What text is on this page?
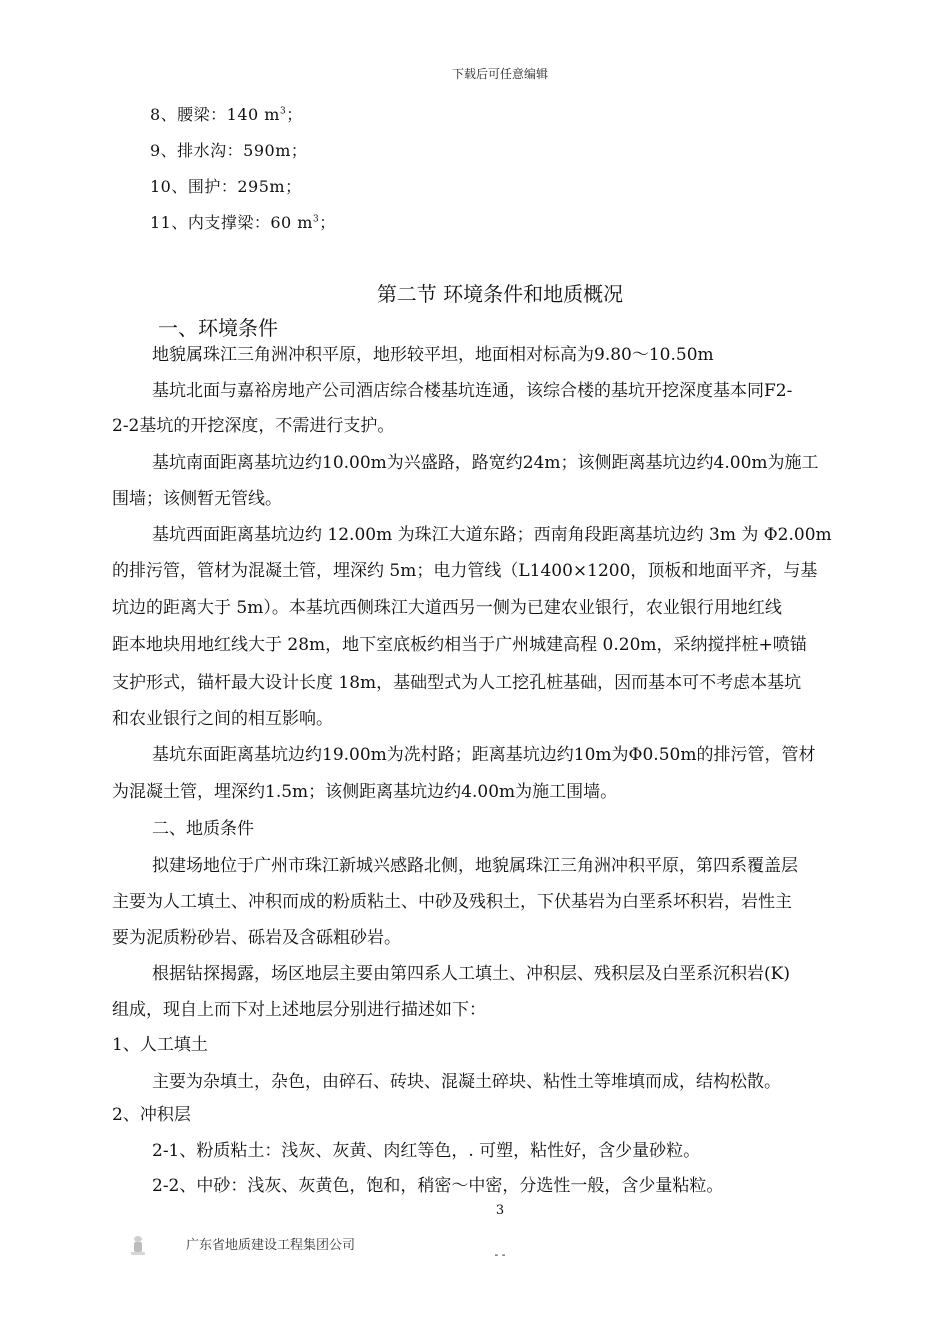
下载后可任意编辑
8、腰梁：140 $m^3$；
9、排水沟：590m；
10、围护：295m；
11、内支撑梁：60 $m^3$；
第二节 环境条件和地质概况
一、环境条件
地貌属珠江三角洲冲积平原，地形较平坦，地面相对标高为9.80～10.50m
基坑北面与嘉裕房地产公司酒店综合楼基坑连通，该综合楼的基坑开挖深度基本同F2-
2-2基坑的开挖深度，不需进行支护。
基坑南面距离基坑边约10.00m为兴盛路，路宽约24m；该侧距离基坑边约4.00m为施工
围墙；该侧暂无管线。
基坑西面距离基坑边约 12.00m 为珠江大道东路；西南角段距离基坑边约 3m 为 Φ2.00m
的排污管，管材为混凝土管，埋深约 5m；电力管线（L1400×1200，顶板和地面平齐，与基
坑边的距离大于 5m）。本基坑西侧珠江大道西另一侧为已建农业银行，农业银行用地红线
距本地块用地红线大于 28m，地下室底板约相当于广州城建高程 0.20m，采纳搅拌桩+喷锚
支护形式，锚杆最大设计长度 18m，基础型式为人工挖孔桩基础，因而基本可不考虑本基坑
和农业银行之间的相互影响。
基坑东面距离基坑边约19.00m为冼村路；距离基坑边约10m为Φ0.50m的排污管，管材
为混凝土管，埋深约1.5m；该侧距离基坑边约4.00m为施工围墙。
二、地质条件
拟建场地位于广州市珠江新城兴感路北侧，地貌属珠江三角洲冲积平原，第四系覆盖层
主要为人工填土、冲积而成的粉质粘土、中砂及残积土，下伏基岩为白垩系坏积岩，岩性主
要为泥质粉砂岩、砾岩及含砾粗砂岩。
根据钻探揭露，场区地层主要由第四系人工填土、冲积层、残积层及白垩系沉积岩(K)
组成，现自上而下对上述地层分别进行描述如下：
1、人工填土
主要为杂填土，杂色，由碎石、砖块、混凝土碎块、粘性土等堆填而成，结构松散。
2、冲积层
2-1、粉质粘土：浅灰、灰黄、肉红等色，. 可塑，粘性好，含少量砂粒。
2-2、中砂：浅灰、灰黄色，饱和，稍密～中密，分选性一般，含少量粘粒。
3
广东省地质建设工程集团公司
- -
